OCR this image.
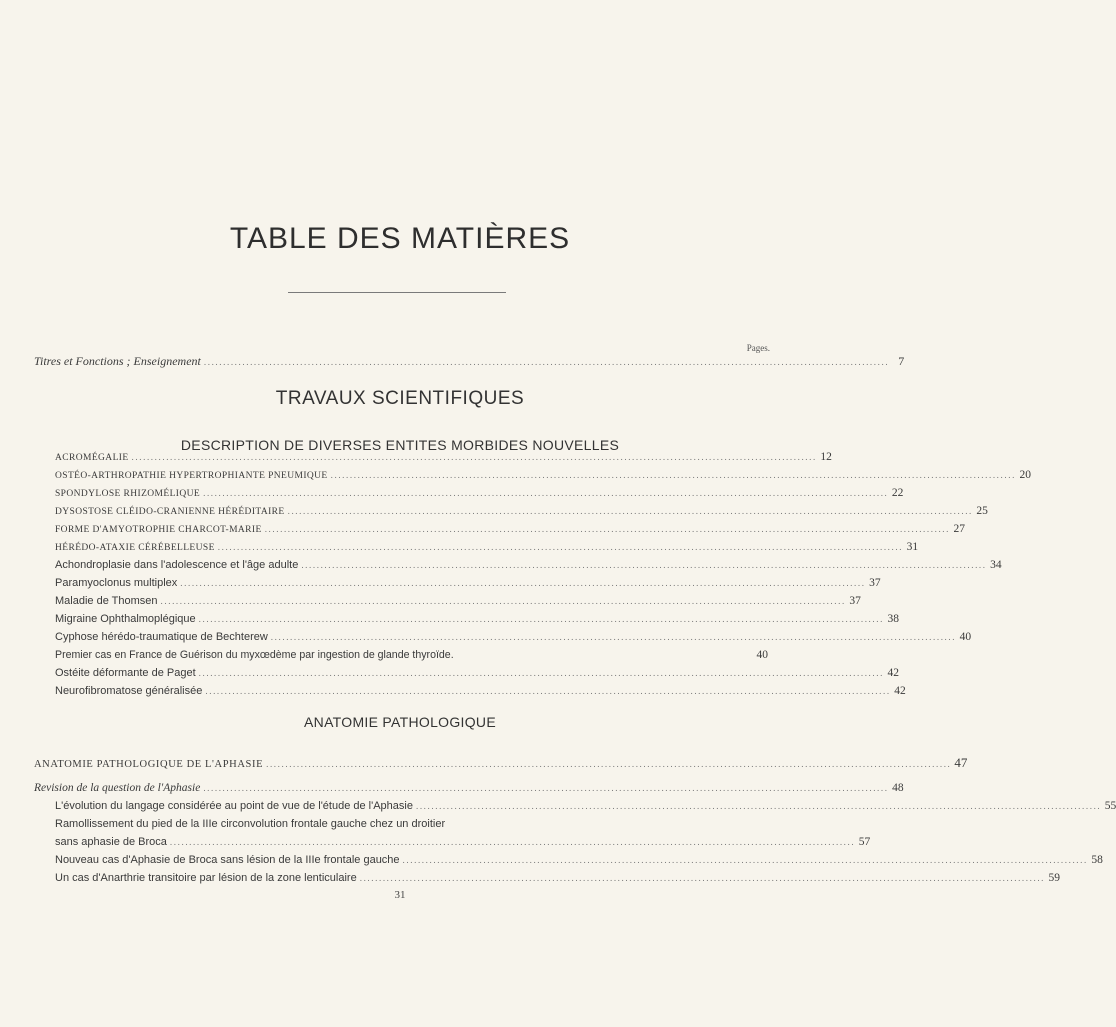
TABLE DES MATIÈRES
Pages.
Titres et Fonctions ; Enseignement .................................................................................................................................................................................. 7
TRAVAUX SCIENTIFIQUES
DESCRIPTION DE DIVERSES ENTITES MORBIDES NOUVELLES
ACROMÉGALIE .................................................................................................................................................................................. 12
OSTÉO-ARTHROPATHIE HYPERTROPHIANTE PNEUMIQUE .................................................................................................................................................................................. 20
SPONDYLOSE RHIZOMÉLIQUE .................................................................................................................................................................................. 22
DYSOSTOSE CLÉIDO-CRANIENNE HÉRÉDITAIRE .................................................................................................................................................................................. 25
FORME D'AMYOTROPHIE CHARCOT-MARIE .................................................................................................................................................................................. 27
HÉRÉDO-ATAXIE CÉRÉBELLEUSE .................................................................................................................................................................................. 31
Achondroplasie dans l'adolescence et l'âge adulte .................................................................................................................................................................................. 34
Paramyoclonus multiplex .................................................................................................................................................................................. 37
Maladie de Thomsen .................................................................................................................................................................................. 37
Migraine Ophthalmoplégique .................................................................................................................................................................................. 38
Cyphose hérédo-traumatique de Bechterew .................................................................................................................................................................................. 40
Premier cas en France de Guérison du myxœdème par ingestion de glande thyroïde.	40
Ostéite déformante de Paget .................................................................................................................................................................................. 42
Neurofibromatose généralisée .................................................................................................................................................................................. 42
ANATOMIE PATHOLOGIQUE
ANATOMIE PATHOLOGIQUE DE L'APHASIE .................................................................................................................................................................................. 47
Revision de la question de l'Aphasie .................................................................................................................................................................................. 48
L'évolution du langage considérée au point de vue de l'étude de l'Aphasie .................................................................................................................................................................................. 55
Ramollissement du pied de la IIIe circonvolution frontale gauche chez un droitier
sans aphasie de Broca .................................................................................................................................................................................. 57
Nouveau cas d'Aphasie de Broca sans lésion de la IIIe frontale gauche .................................................................................................................................................................................. 58
Un cas d'Anarthrie transitoire par lésion de la zone lenticulaire .................................................................................................................................................................................. 59
31
